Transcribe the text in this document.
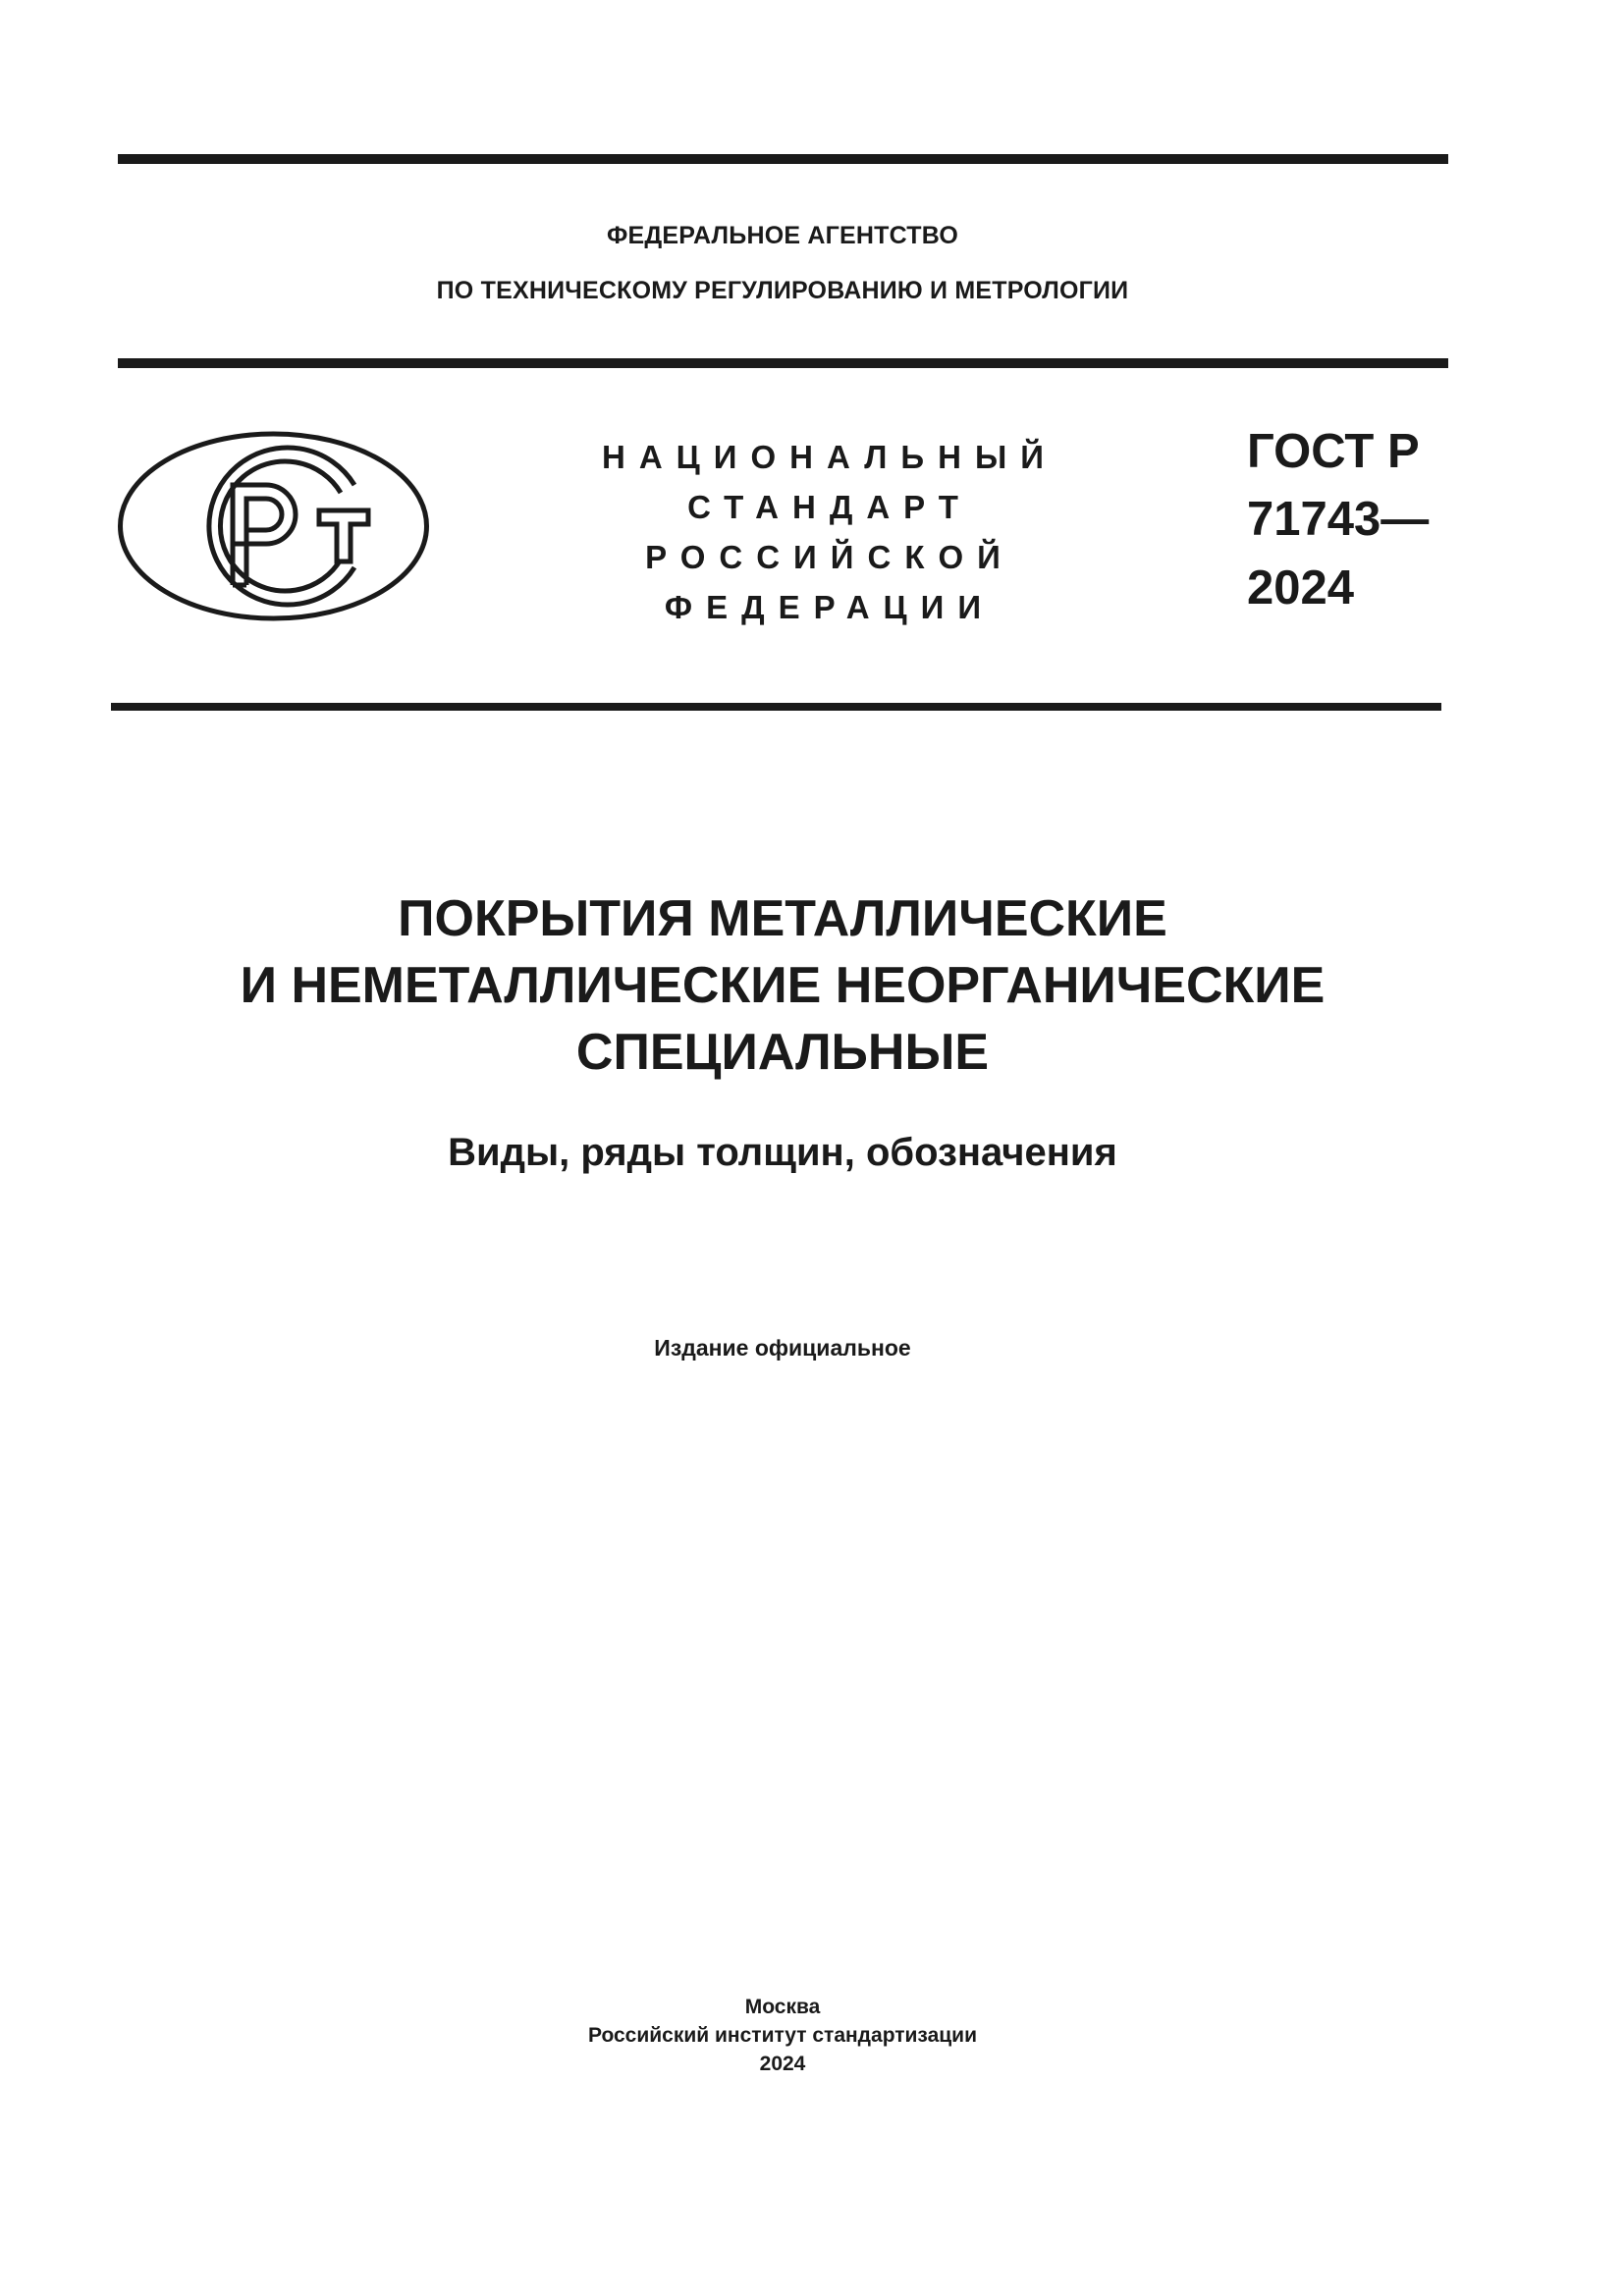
ФЕДЕРАЛЬНОЕ АГЕНТСТВО
ПО ТЕХНИЧЕСКОМУ РЕГУЛИРОВАНИЮ И МЕТРОЛОГИИ
НАЦИОНАЛЬНЫЙ
СТАНДАРТ
РОССИЙСКОЙ
ФЕДЕРАЦИИ
ГОСТ Р
71743—
2024
ПОКРЫТИЯ МЕТАЛЛИЧЕСКИЕ
И НЕМЕТАЛЛИЧЕСКИЕ НЕОРГАНИЧЕСКИЕ
СПЕЦИАЛЬНЫЕ
Виды, ряды толщин, обозначения
Издание официальное
Москва
Российский институт стандартизации
2024
